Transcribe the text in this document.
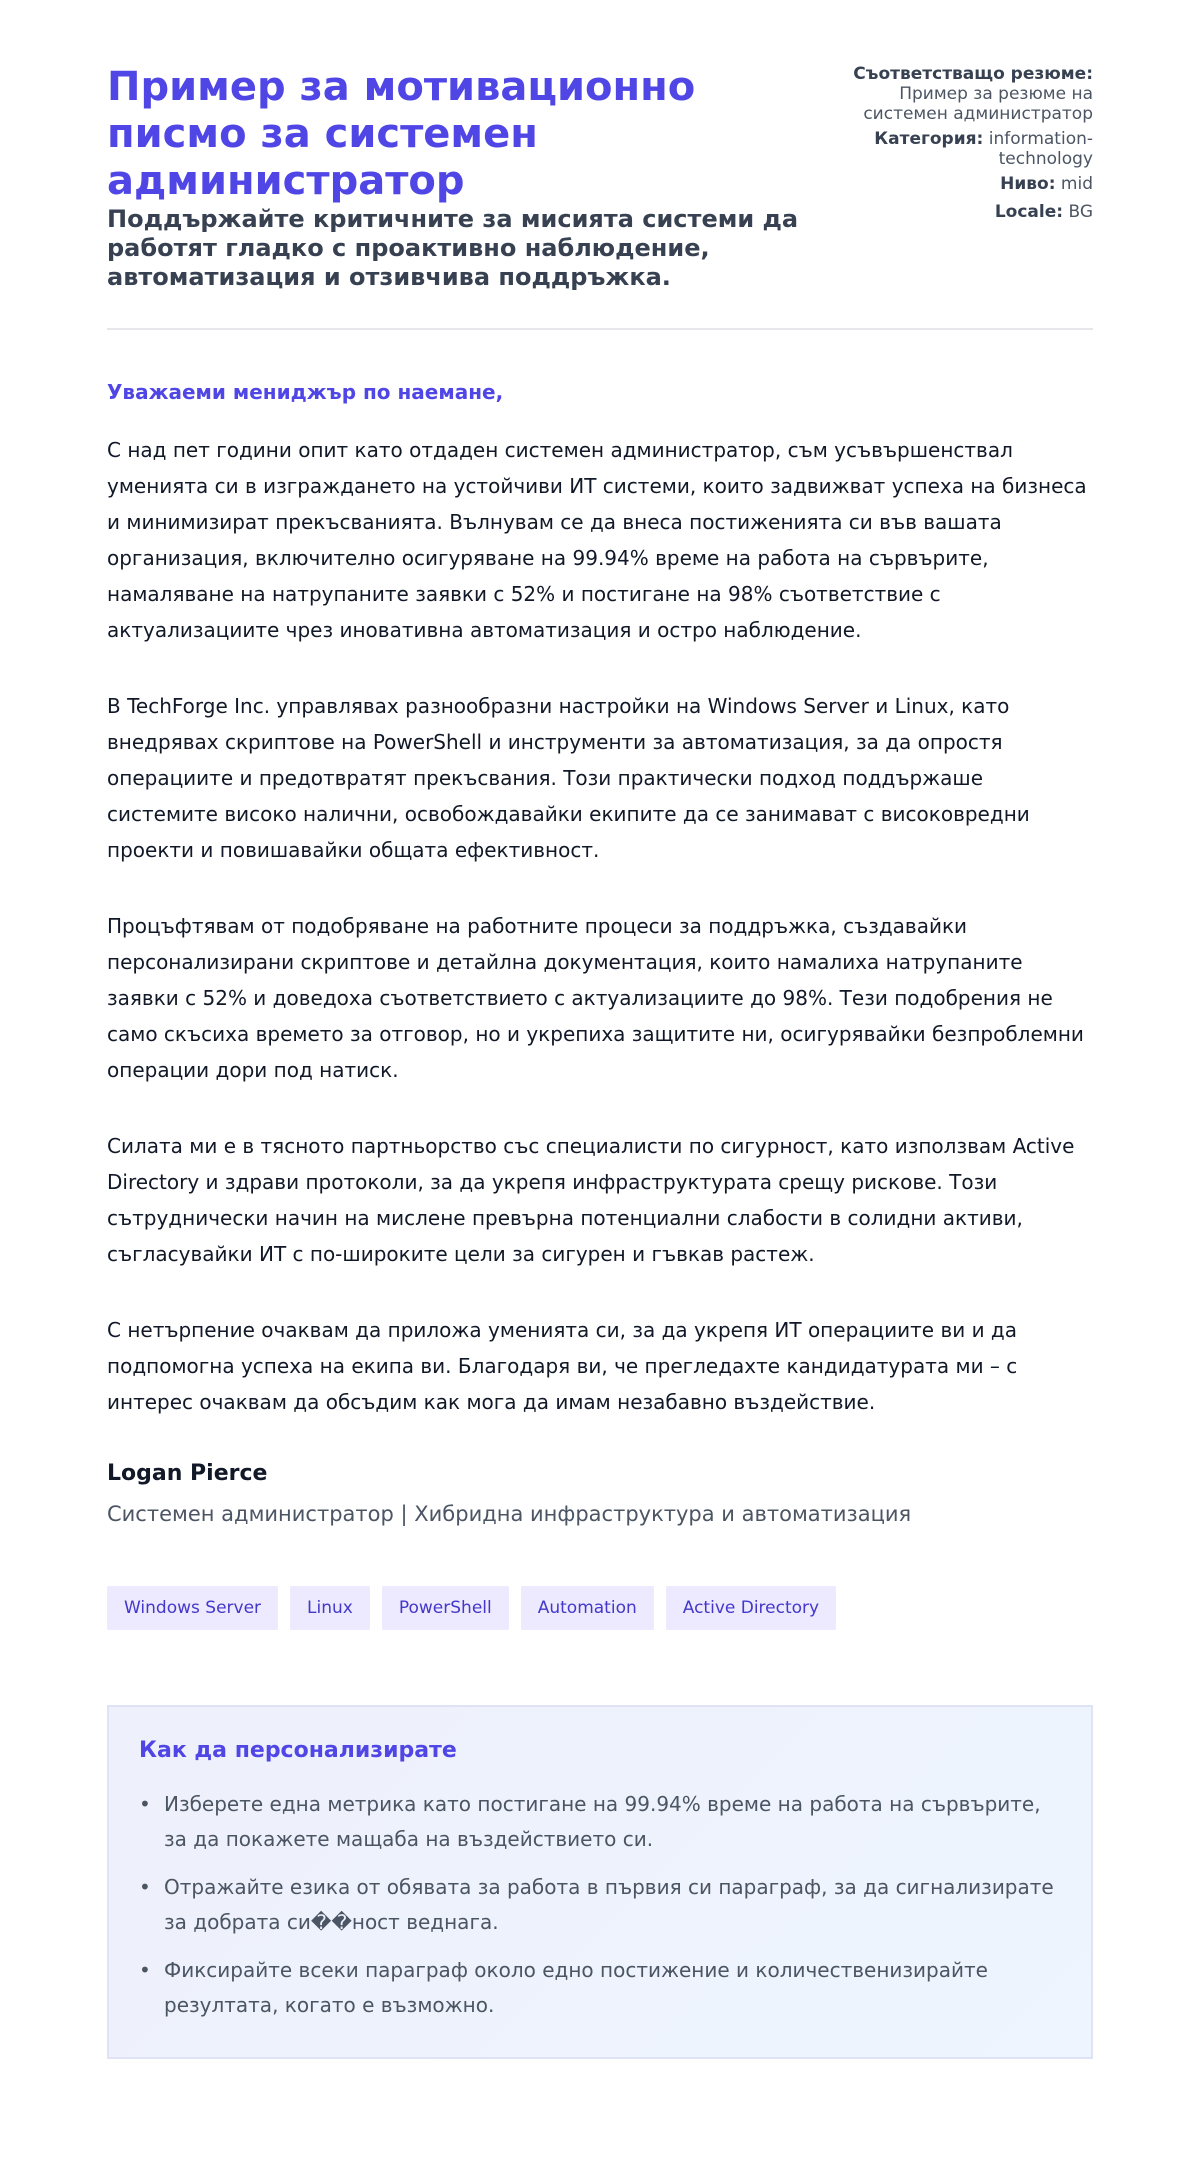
Пример за мотивационно писмо за системен администратор
Поддържайте критичните за мисията системи да работят гладко с проактивно наблюдение, автоматизация и отзивчива поддръжка.
Съответстващо резюме:
Пример за резюме на системен администратор
Категория: information-technology
Ниво: mid
Locale: BG
Уважаеми мениджър по наемане,

С над пет години опит като отдаден системен администратор, съм усъвършенствал уменията си в изграждането на устойчиви ИТ системи, които задвижват успеха на бизнеса и минимизират прекъсванията. Вълнувам се да внеса постиженията си във вашата организация, включително осигуряване на 99.94% време на работа на сървърите, намаляване на натрупаните заявки с 52% и постигане на 98% съответствие с актуализациите чрез иновативна автоматизация и остро наблюдение.

В TechForge Inc. управлявах разнообразни настройки на Windows Server и Linux, като внедрявах скриптове на PowerShell и инструменти за автоматизация, за да опростя операциите и предотвратят прекъсвания. Този практически подход поддържаше системите високо налични, освобождавайки екипите да се занимават с високовредни проекти и повишавайки общата ефективност.

Процъфтявам от подобряване на работните процеси за поддръжка, създавайки персонализирани скриптове и детайлна документация, които намалиха натрупаните заявки с 52% и доведоха съответствието с актуализациите до 98%. Тези подобрения не само скъсиха времето за отговор, но и укрепиха защитите ни, осигурявайки безпроблемни операции дори под натиск.

Силата ми е в тясното партньорство със специалисти по сигурност, като използвам Active Directory и здрави протоколи, за да укрепя инфраструктурата срещу рискове. Този сътруднически начин на мислене превърна потенциални слабости в солидни активи, съгласувайки ИТ с по-широките цели за сигурен и гъвкав растеж.

С нетърпение очаквам да приложа уменията си, за да укрепя ИТ операциите ви и да подпомогна успеха на екипа ви. Благодаря ви, че прегледахте кандидатурата ми – с интерес очаквам да обсъдим как мога да имам незабавно въздействие.

Logan Pierce
Системен администратор | Хибридна инфраструктура и автоматизация
Windows Server	Linux	PowerShell	Automation	Active Directory
Как да персонализирате
• Изберете една метрика като постигане на 99.94% време на работа на сървърите, за да покажете мащаба на въздействието си.
• Отражайте езика от обявата за работа в първия си параграф, за да сигнализирате за добрата си��ност веднага.
• Фиксирайте всеки параграф около едно постижение и количественизирайте резултата, когато е възможно.
